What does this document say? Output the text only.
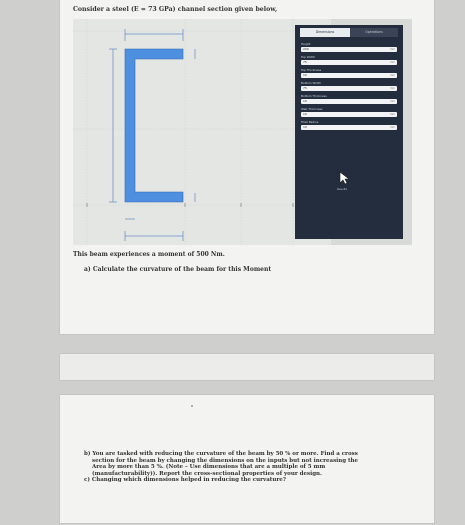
Consider a steel (E = 73 GPa) channel section given below,
Dimensions	Operations
Height
200	mm
Top Width
75	mm
Top Thickness
10	mm
Bottom Width
75	mm
Bottom Thickness
10	mm
Web Thickness
10	mm
Fillet Radius
10	mm
Results
This beam experiences a moment of 500 Nm.
a) Calculate the curvature of the beam for this Moment
b) You are tasked with reducing the curvature of the beam by 50 % or more. Find a cross
section for the beam by changing the dimensions on the inputs but not increasing the
Area by more than 5 %. (Note – Use dimensions that are a multiple of 5 mm
(manufacturability)). Report the cross-sectional properties of your design.
c) Changing which dimensions helped in reducing the curvature?
